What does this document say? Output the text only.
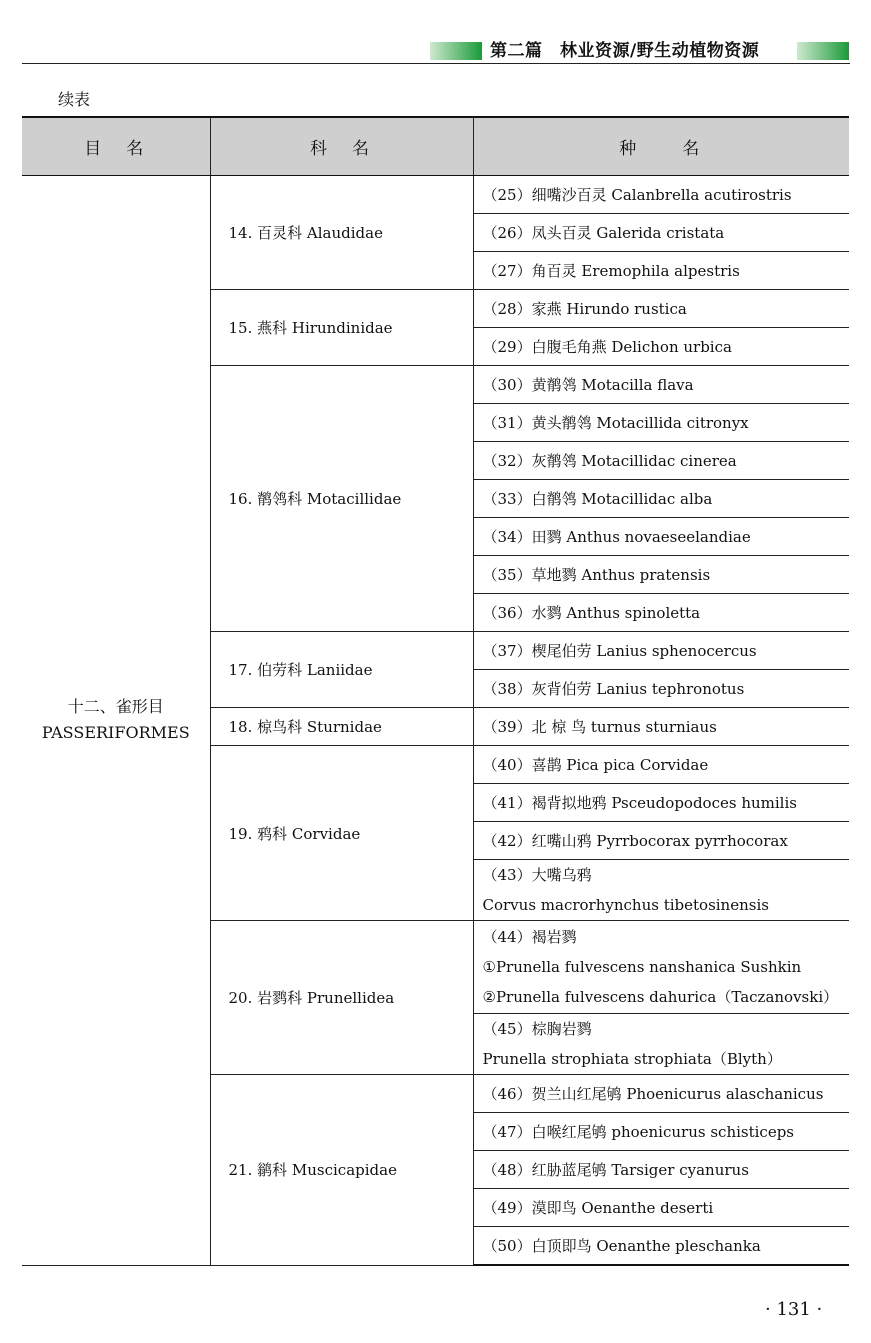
第二篇　林业资源/野生动植物资源
续表
目　名	科　名	种　　名

十二、雀形目
PASSERIFORMES	14. 百灵科 Alaudidae	（25）细嘴沙百灵 Calanbrella acutirostris

		（26）凤头百灵 Galerida cristata

		（27）角百灵 Eremophila alpestris

	15. 燕科 Hirundinidae	（28）家燕 Hirundo rustica

		（29）白腹毛角燕 Delichon urbica

	16. 鹡鸰科 Motacillidae	（30）黄鹡鸰 Motacilla flava

		（31）黄头鹡鸰 Motacillida citronyx

		（32）灰鹡鸰 Motacillidac cinerea

		（33）白鹡鸰 Motacillidac alba

		（34）田鹨 Anthus novaeseelandiae

		（35）草地鹨 Anthus pratensis

		（36）水鹨 Anthus spinoletta

	17. 伯劳科 Laniidae	（37）楔尾伯劳 Lanius sphenocercus

		（38）灰背伯劳 Lanius tephronotus

	18. 椋鸟科 Sturnidae	（39）北 椋 鸟 turnus sturniaus

	19. 鸦科 Corvidae	（40）喜鹊 Pica pica Corvidae

		（41）褐背拟地鸦 Psceudopodoces humilis

		（42）红嘴山鸦 Pyrrbocorax pyrrhocorax

		（43）大嘴乌鸦
Corvus macrorhynchus tibetosinensis

	20. 岩鹨科 Prunellidea	（44）褐岩鹨
①Prunella fulvescens nanshanica Sushkin
②Prunella fulvescens dahurica（Taczanovski）

		（45）棕胸岩鹨
Prunella strophiata strophiata（Blyth）

	21. 鹟科 Muscicapidae	（46）贺兰山红尾鸲 Phoenicurus alaschanicus

		（47）白喉红尾鸲 phoenicurus schisticeps

		（48）红胁蓝尾鸲 Tarsiger cyanurus

		（49）漠即鸟 Oenanthe deserti

		（50）白顶即鸟 Oenanthe pleschanka
· 131 ·
